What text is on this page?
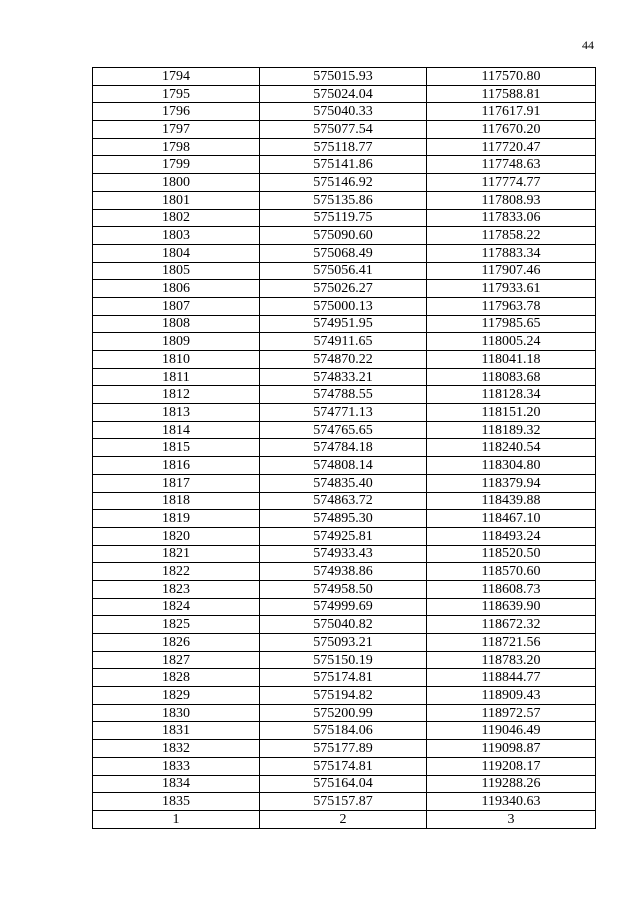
44
1794	575015.93	117570.80
1795	575024.04	117588.81
1796	575040.33	117617.91
1797	575077.54	117670.20
1798	575118.77	117720.47
1799	575141.86	117748.63
1800	575146.92	117774.77
1801	575135.86	117808.93
1802	575119.75	117833.06
1803	575090.60	117858.22
1804	575068.49	117883.34
1805	575056.41	117907.46
1806	575026.27	117933.61
1807	575000.13	117963.78
1808	574951.95	117985.65
1809	574911.65	118005.24
1810	574870.22	118041.18
1811	574833.21	118083.68
1812	574788.55	118128.34
1813	574771.13	118151.20
1814	574765.65	118189.32
1815	574784.18	118240.54
1816	574808.14	118304.80
1817	574835.40	118379.94
1818	574863.72	118439.88
1819	574895.30	118467.10
1820	574925.81	118493.24
1821	574933.43	118520.50
1822	574938.86	118570.60
1823	574958.50	118608.73
1824	574999.69	118639.90
1825	575040.82	118672.32
1826	575093.21	118721.56
1827	575150.19	118783.20
1828	575174.81	118844.77
1829	575194.82	118909.43
1830	575200.99	118972.57
1831	575184.06	119046.49
1832	575177.89	119098.87
1833	575174.81	119208.17
1834	575164.04	119288.26
1835	575157.87	119340.63
1	2	3
